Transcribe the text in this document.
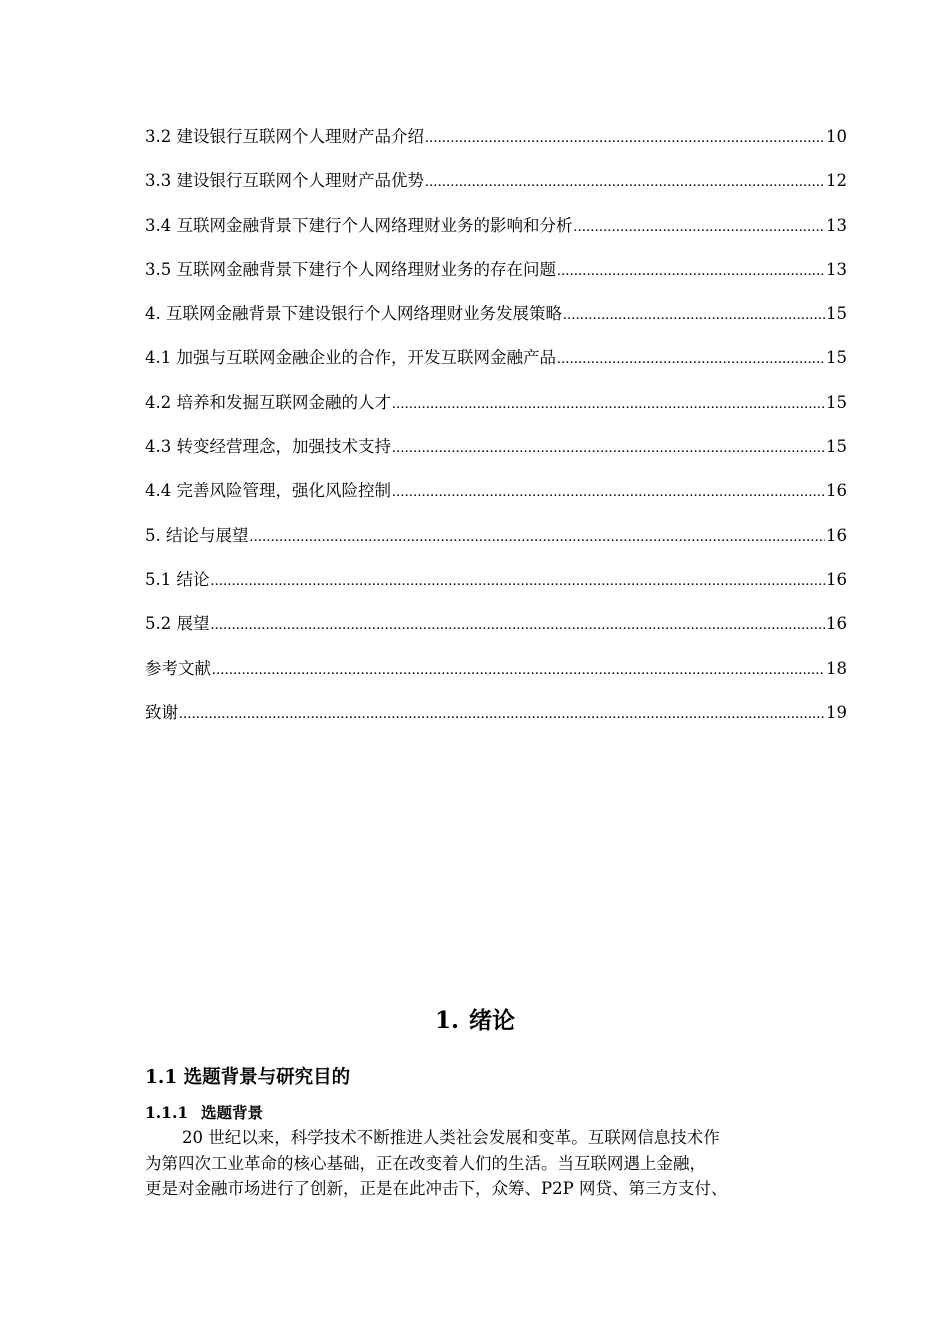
3.2 建设银行互联网个人理财产品介绍 .....	10
3.3 建设银行互联网个人理财产品优势 .....	12
3.4 互联网金融背景下建行个人网络理财业务的影响和分析 .....	13
3.5 互联网金融背景下建行个人网络理财业务的存在问题 .....	13
4. 互联网金融背景下建设银行个人网络理财业务发展策略 .....	15
4.1 加强与互联网金融企业的合作，开发互联网金融产品 .....	15
4.2 培养和发掘互联网金融的人才 .....	15
4.3 转变经营理念，加强技术支持 .....	15
4.4 完善风险管理，强化风险控制 .....	16
5. 结论与展望 .....	16
5.1 结论 .....	16
5.2 展望 .....	16
参考文献 .....	18
致谢 .....	19
1. 绪论
1.1 选题背景与研究目的
1.1.1 选题背景
20 世纪以来，科学技术不断推进人类社会发展和变革。互联网信息技术作
为第四次工业革命的核心基础，正在改变着人们的生活。当互联网遇上金融，
更是对金融市场进行了创新，正是在此冲击下，众筹、P2P 网贷、第三方支付、
